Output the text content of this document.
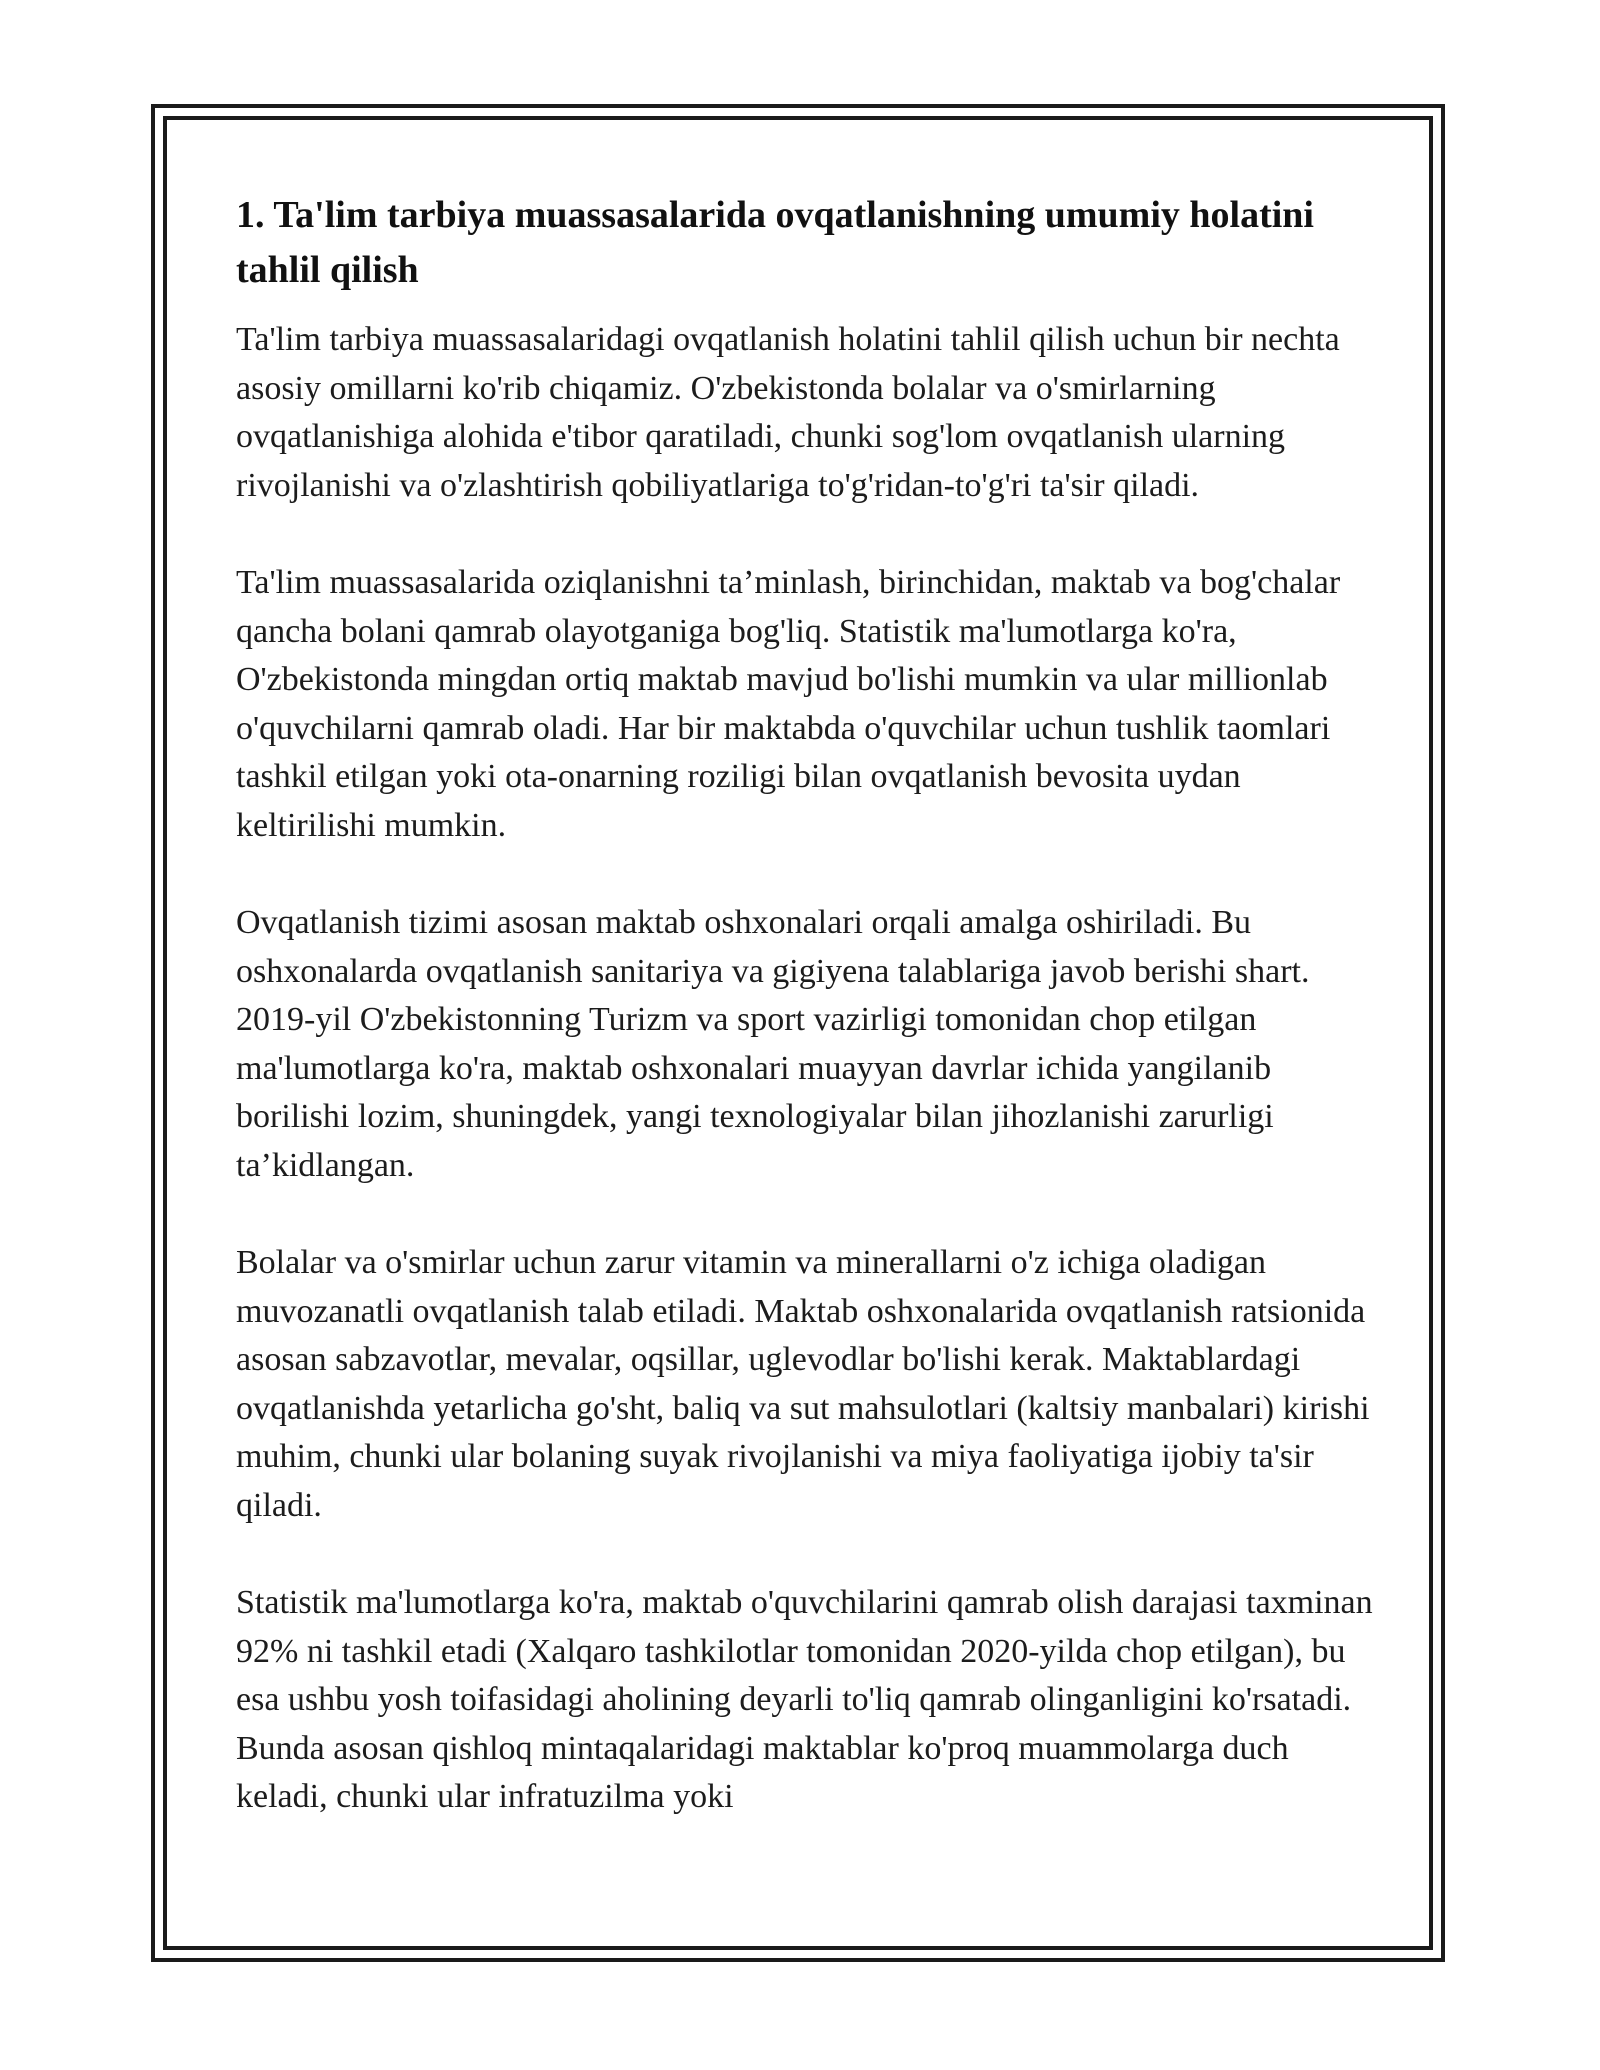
1. Ta'lim tarbiya muassasalarida ovqatlanishning umumiy holatini tahlil qilish

Ta'lim tarbiya muassasalaridagi ovqatlanish holatini tahlil qilish uchun bir nechta asosiy omillarni ko'rib chiqamiz. O'zbekistonda bolalar va o'smirlarning ovqatlanishiga alohida e'tibor qaratiladi, chunki sog'lom ovqatlanish ularning rivojlanishi va o'zlashtirish qobiliyatlariga to'g'ridan-to'g'ri ta'sir qiladi.

Ta'lim muassasalarida oziqlanishni ta’minlash, birinchidan, maktab va bog'chalar qancha bolani qamrab olayotganiga bog'liq. Statistik ma'lumotlarga ko'ra, O'zbekistonda mingdan ortiq maktab mavjud bo'lishi mumkin va ular millionlab o'quvchilarni qamrab oladi. Har bir maktabda o'quvchilar uchun tushlik taomlari tashkil etilgan yoki ota-onarning roziligi bilan ovqatlanish bevosita uydan keltirilishi mumkin.

Ovqatlanish tizimi asosan maktab oshxonalari orqali amalga oshiriladi. Bu oshxonalarda ovqatlanish sanitariya va gigiyena talablariga javob berishi shart. 2019-yil O'zbekistonning Turizm va sport vazirligi tomonidan chop etilgan ma'lumotlarga ko'ra, maktab oshxonalari muayyan davrlar ichida yangilanib borilishi lozim, shuningdek, yangi texnologiyalar bilan jihozlanishi zarurligi ta’kidlangan.

Bolalar va o'smirlar uchun zarur vitamin va minerallarni o'z ichiga oladigan muvozanatli ovqatlanish talab etiladi. Maktab oshxonalarida ovqatlanish ratsionida asosan sabzavotlar, mevalar, oqsillar, uglevodlar bo'lishi kerak. Maktablardagi ovqatlanishda yetarlicha go'sht, baliq va sut mahsulotlari (kaltsiy manbalari) kirishi muhim, chunki ular bolaning suyak rivojlanishi va miya faoliyatiga ijobiy ta'sir qiladi.

Statistik ma'lumotlarga ko'ra, maktab o'quvchilarini qamrab olish darajasi taxminan 92% ni tashkil etadi (Xalqaro tashkilotlar tomonidan 2020-yilda chop etilgan), bu esa ushbu yosh toifasidagi aholining deyarli to'liq qamrab olinganligini ko'rsatadi. Bunda asosan qishloq mintaqalaridagi maktablar ko'proq muammolarga duch keladi, chunki ular infratuzilma yoki
